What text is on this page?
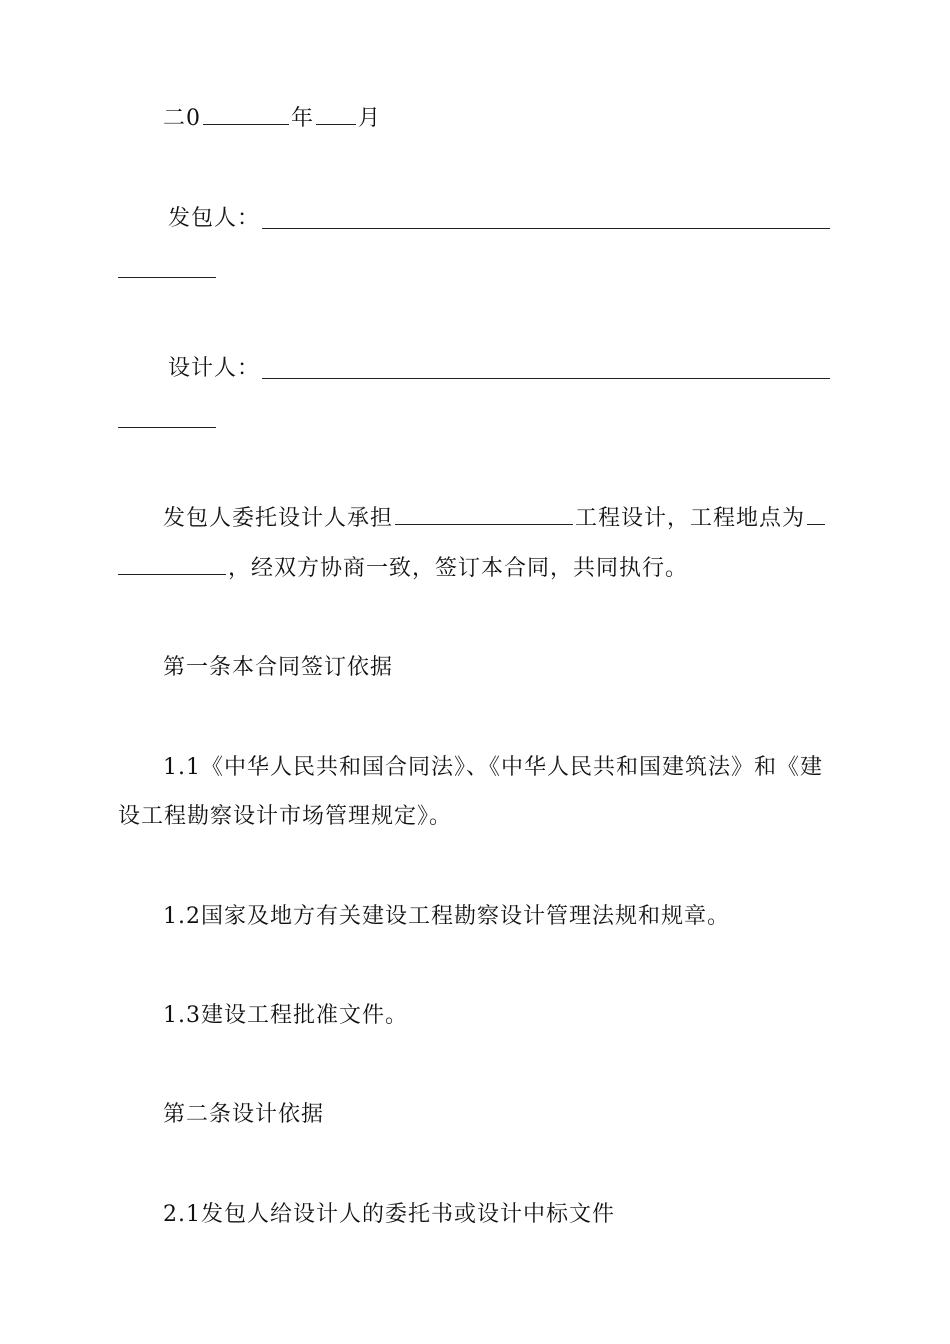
二0	年 月
发包人：
设计人：
发包人委托设计人承担	工程设计，工程地点为
，经双方协商一致，签订本合同，共同执行。
第一条本合同签订依据
1.1《中华人民共和国合同法》、《中华人民共和国建筑法》和《建
设工程勘察设计市场管理规定》。
1.2国家及地方有关建设工程勘察设计管理法规和规章。
1.3建设工程批准文件。
第二条设计依据
2.1发包人给设计人的委托书或设计中标文件
